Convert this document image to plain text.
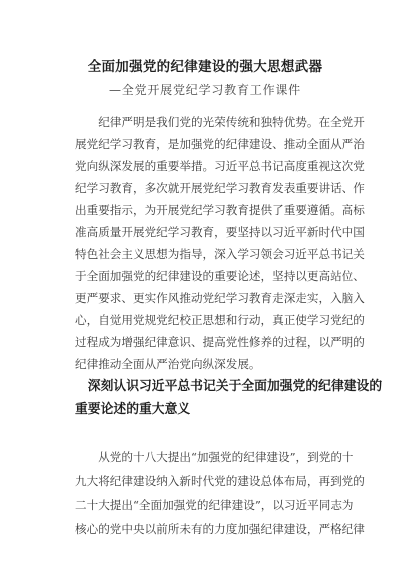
全面加强党的纪律建设的强大思想武器
—全党开展党纪学习教育工作课件
纪律严明是我们党的光荣传统和独特优势。在全党开
展党纪学习教育，是加强党的纪律建设、推动全面从严治
党向纵深发展的重要举措。习近平总书记高度重视这次党
纪学习教育，多次就开展党纪学习教育发表重要讲话、作
出重要指示，为开展党纪学习教育提供了重要遵循。高标
准高质量开展党纪学习教育，要坚持以习近平新时代中国
特色社会主义思想为指导，深入学习领会习近平总书记关
于全面加强党的纪律建设的重要论述，坚持以更高站位、
更严要求、更实作风推动党纪学习教育走深走实，入脑入
心，自觉用党规党纪校正思想和行动，真正使学习党纪的
过程成为增强纪律意识、提高党性修养的过程，以严明的
纪律推动全面从严治党向纵深发展。
深刻认识习近平总书记关于全面加强党的纪律建设的
重要论述的重大意义
从党的十八大提出“加强党的纪律建设”，到党的十
九大将纪律建设纳入新时代党的建设总体布局，再到党的
二十大提出“全面加强党的纪律建设”，以习近平同志为
核心的党中央以前所未有的力度加强纪律建设，严格纪律
